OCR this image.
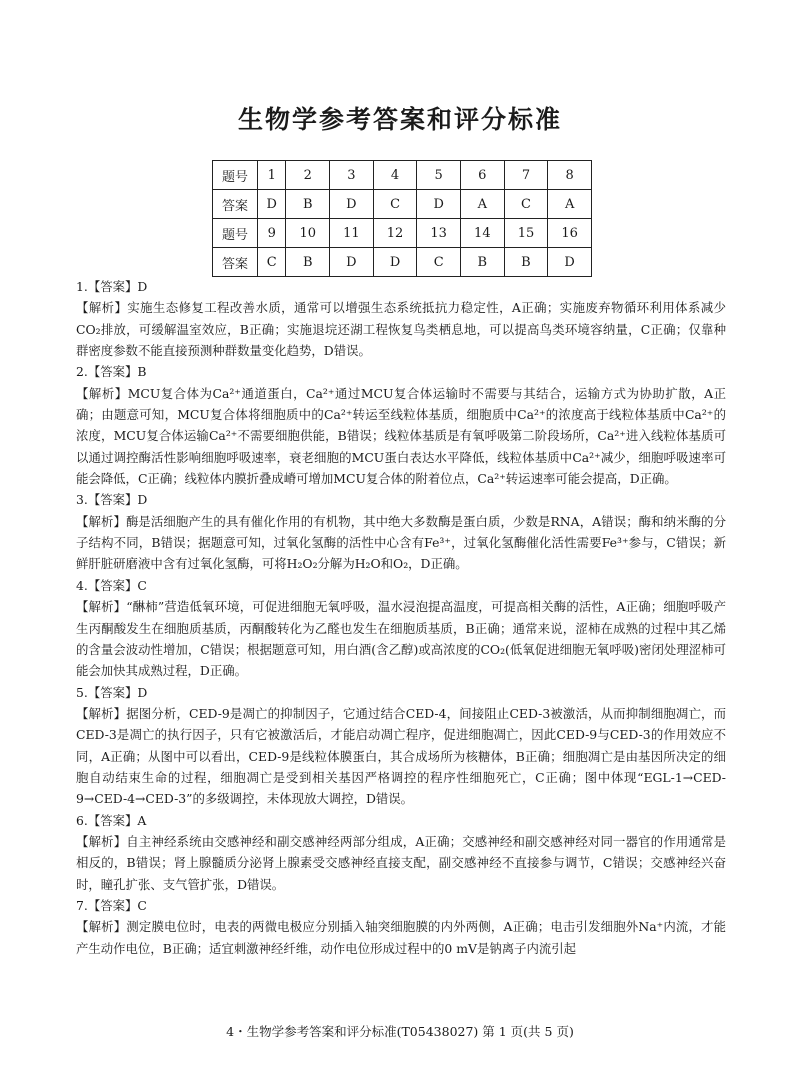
生物学参考答案和评分标准
题号	1	2	3	4	5	6	7	8
答案	D	B	D	C	D	A	C	A
题号	9	10	11	12	13	14	15	16
答案	C	B	D	D	C	B	B	D

1.【答案】D

【解析】实施生态修复工程改善水质，通常可以增强生态系统抵抗力稳定性，A正确；实施废弃物循环利用体系减少CO₂排放，可缓解温室效应，B正确；实施退垸还湖工程恢复鸟类栖息地，可以提高鸟类环境容纳量，C正确；仅靠种群密度参数不能直接预测种群数量变化趋势，D错误。

2.【答案】B

【解析】MCU复合体为Ca²⁺通道蛋白，Ca²⁺通过MCU复合体运输时不需要与其结合，运输方式为协助扩散，A正确；由题意可知，MCU复合体将细胞质中的Ca²⁺转运至线粒体基质，细胞质中Ca²⁺的浓度高于线粒体基质中Ca²⁺的浓度，MCU复合体运输Ca²⁺不需要细胞供能，B错误；线粒体基质是有氧呼吸第二阶段场所，Ca²⁺进入线粒体基质可以通过调控酶活性影响细胞呼吸速率，衰老细胞的MCU蛋白表达水平降低，线粒体基质中Ca²⁺减少，细胞呼吸速率可能会降低，C正确；线粒体内膜折叠成嵴可增加MCU复合体的附着位点，Ca²⁺转运速率可能会提高，D正确。

3.【答案】D

【解析】酶是活细胞产生的具有催化作用的有机物，其中绝大多数酶是蛋白质，少数是RNA，A错误；酶和纳米酶的分子结构不同，B错误；据题意可知，过氧化氢酶的活性中心含有Fe³⁺，过氧化氢酶催化活性需要Fe³⁺参与，C错误；新鲜肝脏研磨液中含有过氧化氢酶，可将H₂O₂分解为H₂O和O₂，D正确。

4.【答案】C

【解析】“醂柿”营造低氧环境，可促进细胞无氧呼吸，温水浸泡提高温度，可提高相关酶的活性，A正确；细胞呼吸产生丙酮酸发生在细胞质基质，丙酮酸转化为乙醛也发生在细胞质基质，B正确；通常来说，涩柿在成熟的过程中其乙烯的含量会波动性增加，C错误；根据题意可知，用白酒(含乙醇)或高浓度的CO₂(低氧促进细胞无氧呼吸)密闭处理涩柿可能会加快其成熟过程，D正确。

5.【答案】D

【解析】据图分析，CED-9是凋亡的抑制因子，它通过结合CED-4，间接阻止CED-3被激活，从而抑制细胞凋亡，而CED-3是凋亡的执行因子，只有它被激活后，才能启动凋亡程序，促进细胞凋亡，因此CED-9与CED-3的作用效应不同，A正确；从图中可以看出，CED-9是线粒体膜蛋白，其合成场所为核糖体，B正确；细胞凋亡是由基因所决定的细胞自动结束生命的过程，细胞凋亡是受到相关基因严格调控的程序性细胞死亡，C正确；图中体现“EGL-1→CED-9→CED-4→CED-3”的多级调控，未体现放大调控，D错误。

6.【答案】A

【解析】自主神经系统由交感神经和副交感神经两部分组成，A正确；交感神经和副交感神经对同一器官的作用通常是相反的，B错误；肾上腺髓质分泌肾上腺素受交感神经直接支配，副交感神经不直接参与调节，C错误；交感神经兴奋时，瞳孔扩张、支气管扩张，D错误。

7.【答案】C

【解析】测定膜电位时，电表的两微电极应分别插入轴突细胞膜的内外两侧，A正确；电击引发细胞外Na⁺内流，才能产生动作电位，B正确；适宜刺激神经纤维，动作电位形成过程中的0 mV是钠离子内流引起

4・生物学参考答案和评分标准(T05438027) 第 1 页(共 5 页)
